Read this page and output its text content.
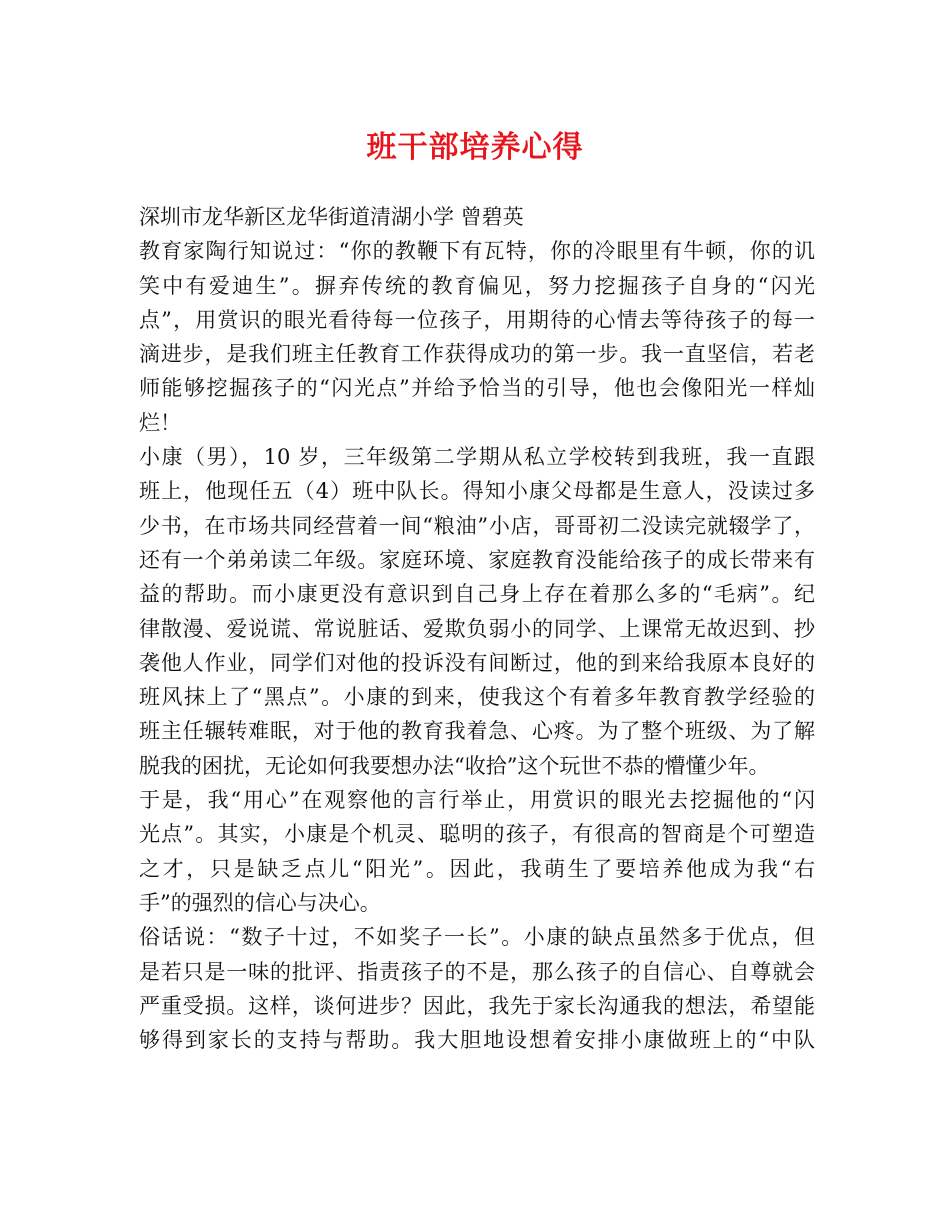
班干部培养心得
深圳市龙华新区龙华街道清湖小学 曾碧英
教育家陶行知说过：“你的教鞭下有瓦特，你的冷眼里有牛顿，你的讥
笑中有爱迪生”。摒弃传统的教育偏见，努力挖掘孩子自身的“闪光
点”，用赏识的眼光看待每一位孩子，用期待的心情去等待孩子的每一
滴进步，是我们班主任教育工作获得成功的第一步。我一直坚信，若老
师能够挖掘孩子的“闪光点”并给予恰当的引导，他也会像阳光一样灿
烂！
小康（男），10 岁，三年级第二学期从私立学校转到我班，我一直跟
班上，他现任五（4）班中队长。得知小康父母都是生意人，没读过多
少书，在市场共同经营着一间“粮油”小店，哥哥初二没读完就辍学了，
还有一个弟弟读二年级。家庭环境、家庭教育没能给孩子的成长带来有
益的帮助。而小康更没有意识到自己身上存在着那么多的“毛病”。纪
律散漫、爱说谎、常说脏话、爱欺负弱小的同学、上课常无故迟到、抄
袭他人作业，同学们对他的投诉没有间断过，他的到来给我原本良好的
班风抹上了“黑点”。小康的到来，使我这个有着多年教育教学经验的
班主任辗转难眠，对于他的教育我着急、心疼。为了整个班级、为了解
脱我的困扰，无论如何我要想办法“收拾”这个玩世不恭的懵懂少年。
于是，我“用心”在观察他的言行举止，用赏识的眼光去挖掘他的“闪
光点”。其实，小康是个机灵、聪明的孩子，有很高的智商是个可塑造
之才，只是缺乏点儿“阳光”。因此，我萌生了要培养他成为我“右
手”的强烈的信心与决心。
俗话说：“数子十过，不如奖子一长”。小康的缺点虽然多于优点，但
是若只是一味的批评、指责孩子的不是，那么孩子的自信心、自尊就会
严重受损。这样，谈何进步？因此，我先于家长沟通我的想法，希望能
够得到家长的支持与帮助。我大胆地设想着安排小康做班上的“中队
